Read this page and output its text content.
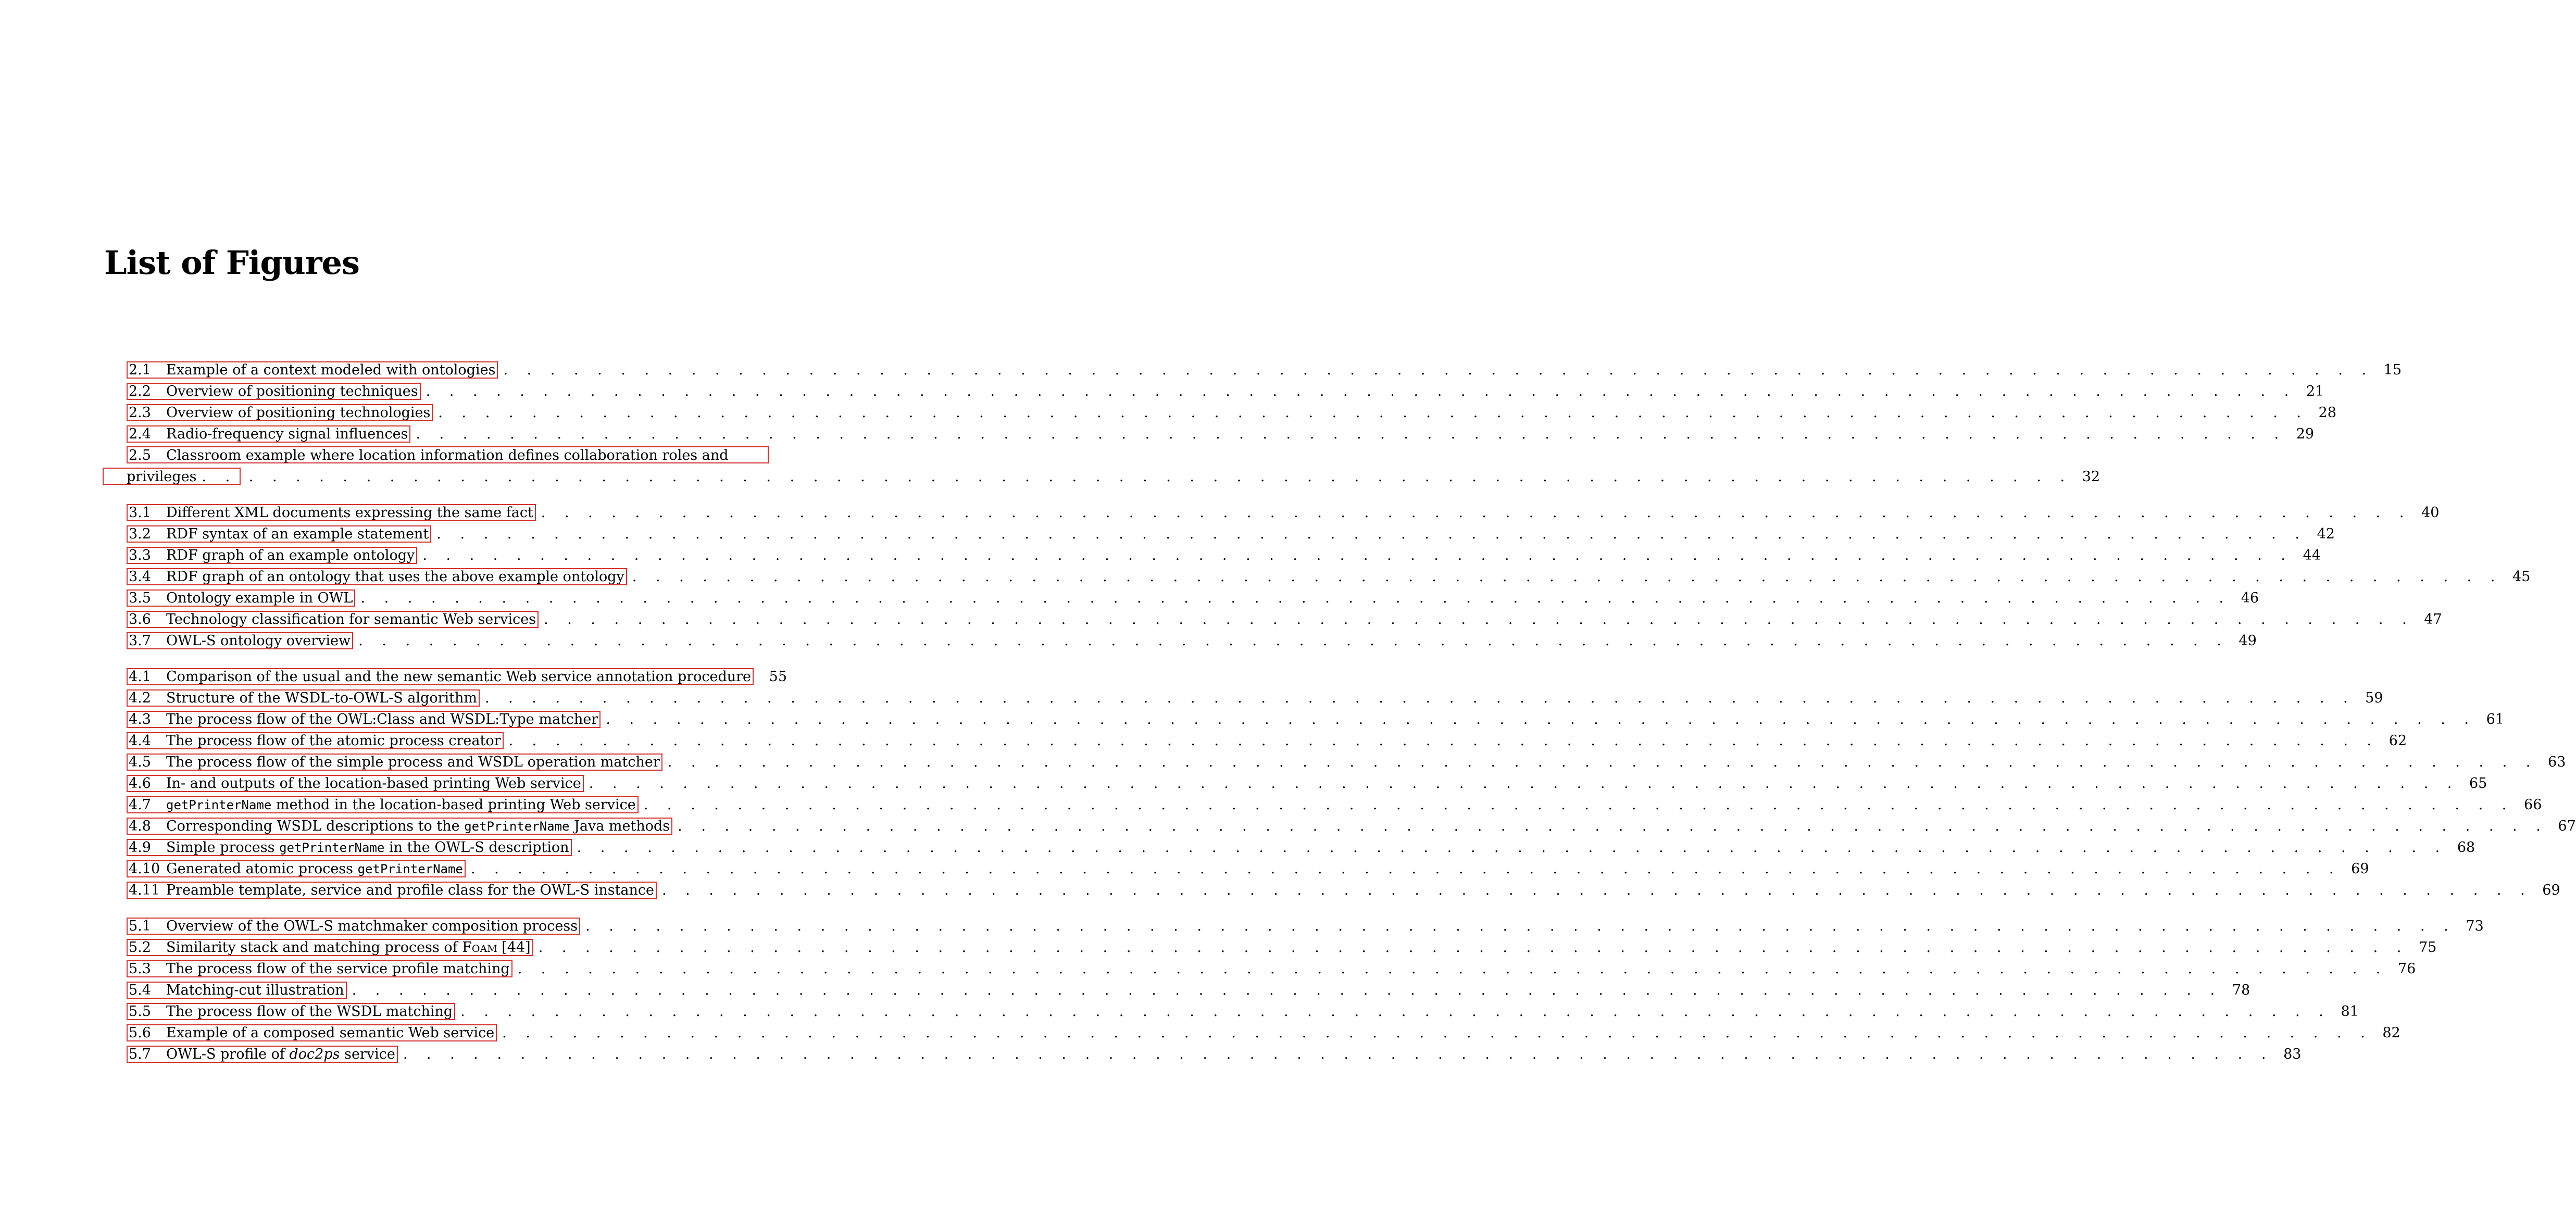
List of Figures
2.1	Example of a context modeled with ontologies . . . . . . . . . . . . . . . . . . . . . . . . . . . . . . . . . . . . . . . . . . . . . . . . . . . . . . . . . . . . . . . . . . . . . . . . . . . . . . . . 15
2.2	Overview of positioning techniques . . . . . . . . . . . . . . . . . . . . . . . . . . . . . . . . . . . . . . . . . . . . . . . . . . . . . . . . . . . . . . . . . . . . . . . . . . . . . . . . 21
2.3	Overview of positioning technologies . . . . . . . . . . . . . . . . . . . . . . . . . . . . . . . . . . . . . . . . . . . . . . . . . . . . . . . . . . . . . . . . . . . . . . . . . . . . . . . . 28
2.4	Radio-frequency signal influences . . . . . . . . . . . . . . . . . . . . . . . . . . . . . . . . . . . . . . . . . . . . . . . . . . . . . . . . . . . . . . . . . . . . . . . . . . . . . . . . 29
2.5	Classroom example where location information defines collaboration roles and
privileges . . . . . . . . . . . . . . . . . . . . . . . . . . . . . . . . . . . . . . . . . . . . . . . . . . . . . . . . . . . . . . . . . . . . . . . . . . . . . . . . 32
3.1	Different XML documents expressing the same fact . . . . . . . . . . . . . . . . . . . . . . . . . . . . . . . . . . . . . . . . . . . . . . . . . . . . . . . . . . . . . . . . . . . . . . . . . . . . . . . . 40
3.2	RDF syntax of an example statement . . . . . . . . . . . . . . . . . . . . . . . . . . . . . . . . . . . . . . . . . . . . . . . . . . . . . . . . . . . . . . . . . . . . . . . . . . . . . . . . 42
3.3	RDF graph of an example ontology . . . . . . . . . . . . . . . . . . . . . . . . . . . . . . . . . . . . . . . . . . . . . . . . . . . . . . . . . . . . . . . . . . . . . . . . . . . . . . . . 44
3.4	RDF graph of an ontology that uses the above example ontology . . . . . . . . . . . . . . . . . . . . . . . . . . . . . . . . . . . . . . . . . . . . . . . . . . . . . . . . . . . . . . . . . . . . . . . . . . . . . . . . 45
3.5	Ontology example in OWL . . . . . . . . . . . . . . . . . . . . . . . . . . . . . . . . . . . . . . . . . . . . . . . . . . . . . . . . . . . . . . . . . . . . . . . . . . . . . . . . 46
3.6	Technology classification for semantic Web services . . . . . . . . . . . . . . . . . . . . . . . . . . . . . . . . . . . . . . . . . . . . . . . . . . . . . . . . . . . . . . . . . . . . . . . . . . . . . . . . 47
3.7	OWL-S ontology overview . . . . . . . . . . . . . . . . . . . . . . . . . . . . . . . . . . . . . . . . . . . . . . . . . . . . . . . . . . . . . . . . . . . . . . . . . . . . . . . . 49
4.1	Comparison of the usual and the new semantic Web service annotation procedure 55
4.2	Structure of the WSDL-to-OWL-S algorithm . . . . . . . . . . . . . . . . . . . . . . . . . . . . . . . . . . . . . . . . . . . . . . . . . . . . . . . . . . . . . . . . . . . . . . . . . . . . . . . . 59
4.3	The process flow of the OWL:Class and WSDL:Type matcher . . . . . . . . . . . . . . . . . . . . . . . . . . . . . . . . . . . . . . . . . . . . . . . . . . . . . . . . . . . . . . . . . . . . . . . . . . . . . . . . 61
4.4	The process flow of the atomic process creator . . . . . . . . . . . . . . . . . . . . . . . . . . . . . . . . . . . . . . . . . . . . . . . . . . . . . . . . . . . . . . . . . . . . . . . . . . . . . . . . 62
4.5	The process flow of the simple process and WSDL operation matcher . . . . . . . . . . . . . . . . . . . . . . . . . . . . . . . . . . . . . . . . . . . . . . . . . . . . . . . . . . . . . . . . . . . . . . . . . . . . . . . . 63
4.6	In- and outputs of the location-based printing Web service . . . . . . . . . . . . . . . . . . . . . . . . . . . . . . . . . . . . . . . . . . . . . . . . . . . . . . . . . . . . . . . . . . . . . . . . . . . . . . . . 65
4.7	getPrinterName method in the location-based printing Web service . . . . . . . . . . . . . . . . . . . . . . . . . . . . . . . . . . . . . . . . . . . . . . . . . . . . . . . . . . . . . . . . . . . . . . . . . . . . . . . . 66
4.8	Corresponding WSDL descriptions to the getPrinterName Java methods . . . . . . . . . . . . . . . . . . . . . . . . . . . . . . . . . . . . . . . . . . . . . . . . . . . . . . . . . . . . . . . . . . . . . . . . . . . . . . . . 67
4.9	Simple process getPrinterName in the OWL-S description . . . . . . . . . . . . . . . . . . . . . . . . . . . . . . . . . . . . . . . . . . . . . . . . . . . . . . . . . . . . . . . . . . . . . . . . . . . . . . . . 68
4.10 Generated atomic process getPrinterName . . . . . . . . . . . . . . . . . . . . . . . . . . . . . . . . . . . . . . . . . . . . . . . . . . . . . . . . . . . . . . . . . . . . . . . . . . . . . . . . 69
4.11 Preamble template, service and profile class for the OWL-S instance . . . . . . . . . . . . . . . . . . . . . . . . . . . . . . . . . . . . . . . . . . . . . . . . . . . . . . . . . . . . . . . . . . . . . . . . . . . . . . . . 69
5.1	Overview of the OWL-S matchmaker composition process . . . . . . . . . . . . . . . . . . . . . . . . . . . . . . . . . . . . . . . . . . . . . . . . . . . . . . . . . . . . . . . . . . . . . . . . . . . . . . . . 73
5.2	Similarity stack and matching process of Foam [44] . . . . . . . . . . . . . . . . . . . . . . . . . . . . . . . . . . . . . . . . . . . . . . . . . . . . . . . . . . . . . . . . . . . . . . . . . . . . . . . . 75
5.3	The process flow of the service profile matching . . . . . . . . . . . . . . . . . . . . . . . . . . . . . . . . . . . . . . . . . . . . . . . . . . . . . . . . . . . . . . . . . . . . . . . . . . . . . . . . 76
5.4	Matching-cut illustration . . . . . . . . . . . . . . . . . . . . . . . . . . . . . . . . . . . . . . . . . . . . . . . . . . . . . . . . . . . . . . . . . . . . . . . . . . . . . . . . 78
5.5	The process flow of the WSDL matching . . . . . . . . . . . . . . . . . . . . . . . . . . . . . . . . . . . . . . . . . . . . . . . . . . . . . . . . . . . . . . . . . . . . . . . . . . . . . . . . 81
5.6	Example of a composed semantic Web service . . . . . . . . . . . . . . . . . . . . . . . . . . . . . . . . . . . . . . . . . . . . . . . . . . . . . . . . . . . . . . . . . . . . . . . . . . . . . . . . 82
5.7	OWL-S profile of doc2ps service . . . . . . . . . . . . . . . . . . . . . . . . . . . . . . . . . . . . . . . . . . . . . . . . . . . . . . . . . . . . . . . . . . . . . . . . . . . . . . . . 83
